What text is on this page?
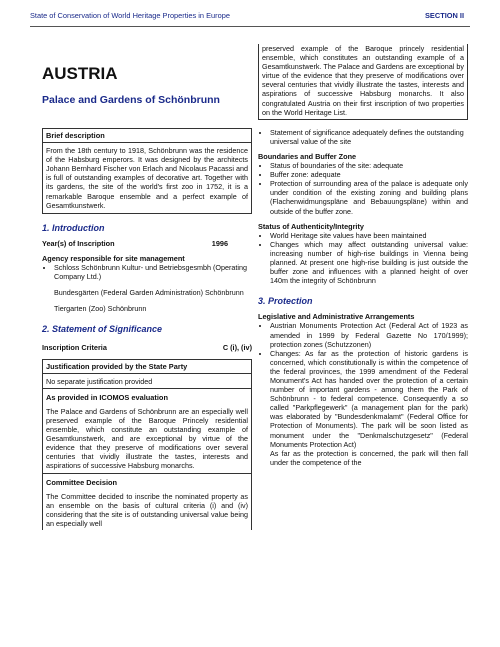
State of Conservation of World Heritage Properties in Europe	SECTION II
AUSTRIA
Palace and Gardens of Schönbrunn
Brief description
From the 18th century to 1918, Schönbrunn was the residence of the Habsburg emperors. It was designed by the architects Johann Bernhard Fischer von Erlach and Nicolaus Pacassi and is full of outstanding examples of decorative art. Together with its gardens, the site of the world's first zoo in 1752, it is a remarkable Baroque ensemble and a perfect example of Gesamtkunstwerk.
1. Introduction
Year(s) of Inscription	1996
Agency responsible for site management
• Schloss Schönbrunn Kultur- und Betriebsgesmbh (Operating Company Ltd.)
Bundesgärten (Federal Garden Administration) Schönbrunn
Tiergarten (Zoo) Schönbrunn
2. Statement of Significance
Inscription Criteria	C (i), (iv)
Justification provided by the State Party
No separate justification provided
As provided in ICOMOS evaluation
The Palace and Gardens of Schönbrunn are an especially well preserved example of the Baroque Princely residential ensemble, which constitute an outstanding example of Gesamtkunstwerk, and are exceptional by virtue of the evidence that they preserve of modifications over several centuries that vividly illustrate the tastes, interests and aspirations of successive Habsburg monarchs.
Committee Decision
The Committee decided to inscribe the nominated property as an ensemble on the basis of cultural criteria (i) and (iv) considering that the site is of outstanding universal value being an especially well
preserved example of the Baroque princely residential ensemble, which constitutes an outstanding example of a Gesamtkunstwerk. The Palace and Gardens are exceptional by virtue of the evidence that they preserve of modifications over several centuries that vividly illustrate the tastes, interests and aspirations of successive Habsburg monarchs. It also congratulated Austria on their first inscription of two properties on the World Heritage List.
• Statement of significance adequately defines the outstanding universal value of the site
Boundaries and Buffer Zone
• Status of boundaries of the site: adequate
• Buffer zone: adequate
• Protection of surrounding area of the palace is adequate only under condition of the existing zoning and building plans (Flachenwidmungspläne and Bebauungspläne) within and outside of the buffer zone.
Status of Authenticity/Integrity
• World Heritage site values have been maintained
• Changes which may affect outstanding universal value: increasing number of high-rise buildings in Vienna being planned. At present one high-rise building is just outside the buffer zone and influences with a planned height of over 140m the integrity of Schönbrunn
3. Protection
Legislative and Administrative Arrangements
• Austrian Monuments Protection Act (Federal Act of 1923 as amended in 1999 by Federal Gazette No 170/1999); protection zones (Schutzzonen)
• Changes: As far as the protection of historic gardens is concerned, which constitutionally is within the competence of the federal provinces, the 1999 amendment of the Federal Monument's Act has handed over the protection of a certain number of important gardens - among them the Park of Schönbrunn - to federal competence. Consequently a so called "Parkpflegewerk" (a management plan for the park) was elaborated by "Bundesdenkmalamt" (Federal Office for Protection of Monuments). The park will be soon listed as monument under the "Denkmalschutzgesetz" (Federal Monuments Protection Act)
As far as the protection is concerned, the park will then fall under the competence of the
